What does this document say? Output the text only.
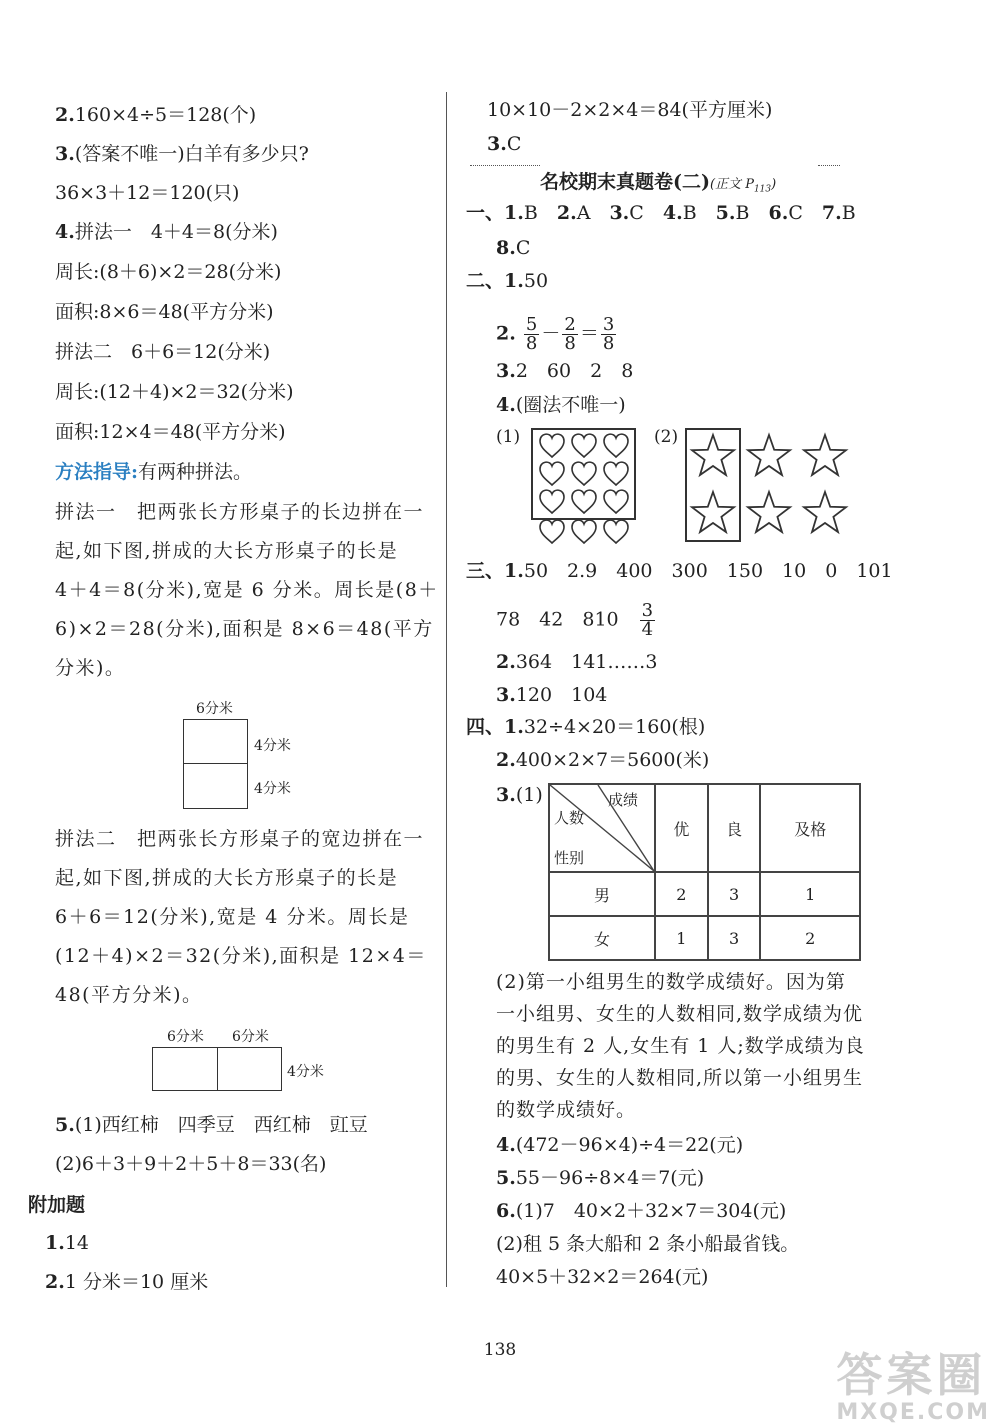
2.160×4÷5＝128(个)
3.(答案不唯一)白羊有多少只?
36×3＋12＝120(只)
4.拼法一　4＋4＝8(分米)
周长:(8＋6)×2＝28(分米)
面积:8×6＝48(平方分米)
拼法二　6＋6＝12(分米)
周长:(12＋4)×2＝32(分米)
面积:12×4＝48(平方分米)
方法指导:有两种拼法。
拼法一　把两张长方形桌子的长边拼在一
起,如下图,拼成的大长方形桌子的长是
4＋4＝8(分米),宽是 6 分米。周长是(8＋
6)×2＝28(分米),面积是 8×6＝48(平方
分米)。
6分米
4分米
4分米
拼法二　把两张长方形桌子的宽边拼在一
起,如下图,拼成的大长方形桌子的长是
6＋6＝12(分米),宽是 4 分米。周长是
(12＋4)×2＝32(分米),面积是 12×4＝
48(平方分米)。
6分米 6分米
4分米
5.(1)西红柿　四季豆　西红柿　豇豆
(2)6＋3＋9＋2＋5＋8＝33(名)
附加题
1.14
2.1 分米＝10 厘米
10×10－2×2×4＝84(平方厘米)
3.C
名校期末真题卷(二)(正文 $P_{113}$)
一、1.B　 2.A　 3.C　 4.B　 5.B　 6.C　 7.B
8.C
二、1.50
2. $\frac{5}{8} - \frac{2}{8} = \frac{3}{8}$
3.2　60　2　8
4.(圈法不唯一)
(1)	(2)
三、1.50　2.9　400　300　150　10　0　101
78　42　810　 $\frac{3}{4}$
2.364　141……3
3.120　104
四、1.32÷4×20＝160(根)
2.400×2×7＝5600(米)
3.(1)	成绩
人数
性别	优	良	及格
男	2	3	1
女	1	3	2
(2)第一小组男生的数学成绩好。因为第
一小组男、女生的人数相同,数学成绩为优
的男生有 2 人,女生有 1 人;数学成绩为良
的男、女生的人数相同,所以第一小组男生
的数学成绩好。
4.(472－96×4)÷4＝22(元)
5.55－96÷8×4＝7(元)
6.(1)7　40×2＋32×7＝304(元)
(2)租 5 条大船和 2 条小船最省钱。
40×5＋32×2＝264(元)
138	答案圈
MXQE.COM
